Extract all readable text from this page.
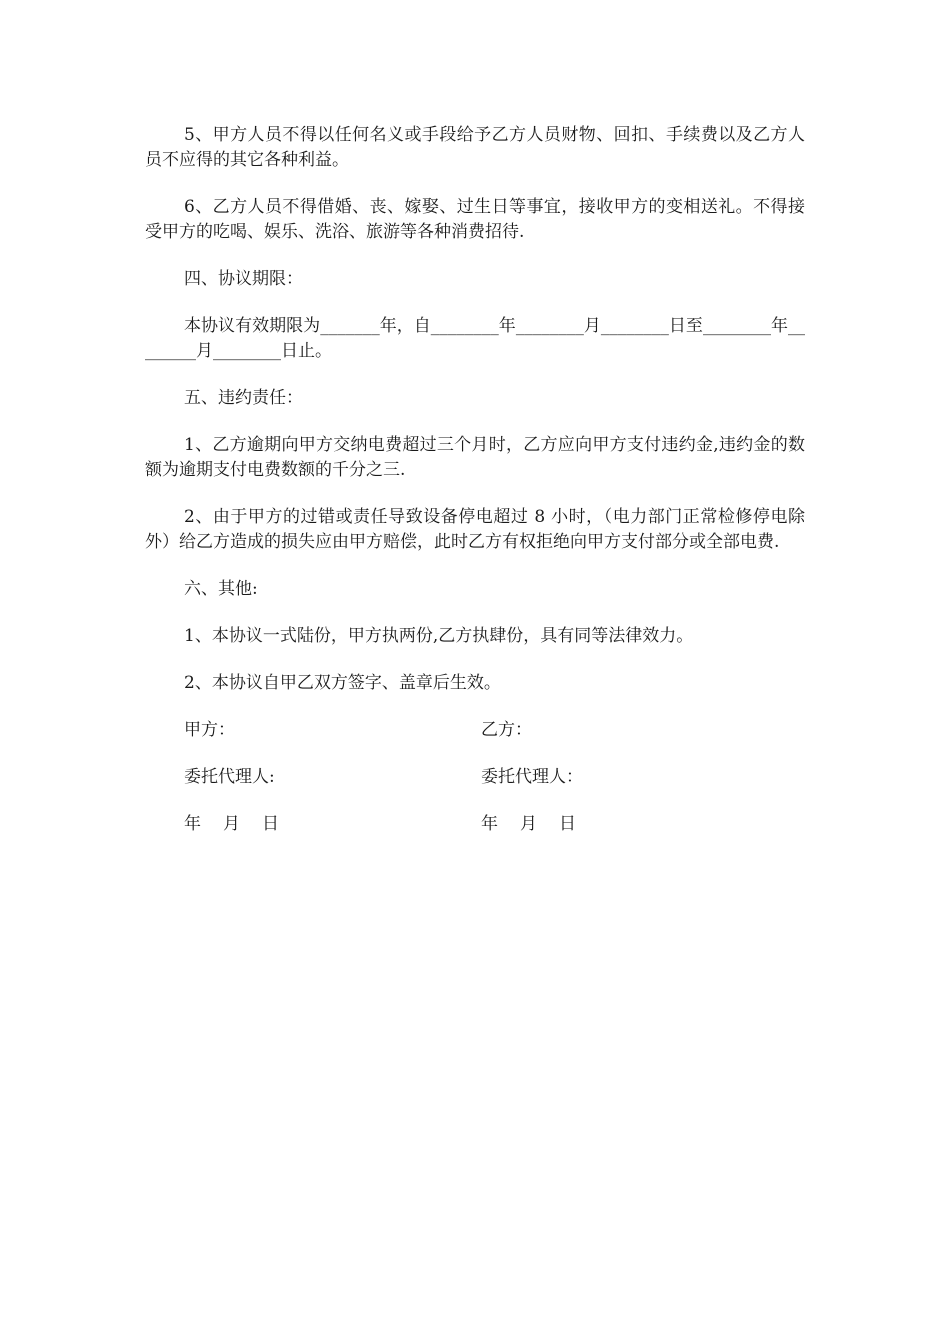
5、甲方人员不得以任何名义或手段给予乙方人员财物、回扣、手续费以及乙方人员不应得的其它各种利益。

6、乙方人员不得借婚、丧、嫁娶、过生日等事宜，接收甲方的变相送礼。不得接受甲方的吃喝、娱乐、洗浴、旅游等各种消费招待.

四、协议期限：

本协议有效期限为_______年，自________年________月________日至________年________月________日止。

五、违约责任：

1、乙方逾期向甲方交纳电费超过三个月时，乙方应向甲方支付违约金,违约金的数额为逾期支付电费数额的千分之三.

2、由于甲方的过错或责任导致设备停电超过 8 小时，（电力部门正常检修停电除外）给乙方造成的损失应由甲方赔偿，此时乙方有权拒绝向甲方支付部分或全部电费.

六、其他:

1、本协议一式陆份，甲方执两份,乙方执肆份，具有同等法律效力。

2、本协议自甲乙双方签字、盖章后生效。

甲方：	乙方：
委托代理人:	委托代理人：
年 月 日	年 月 日
